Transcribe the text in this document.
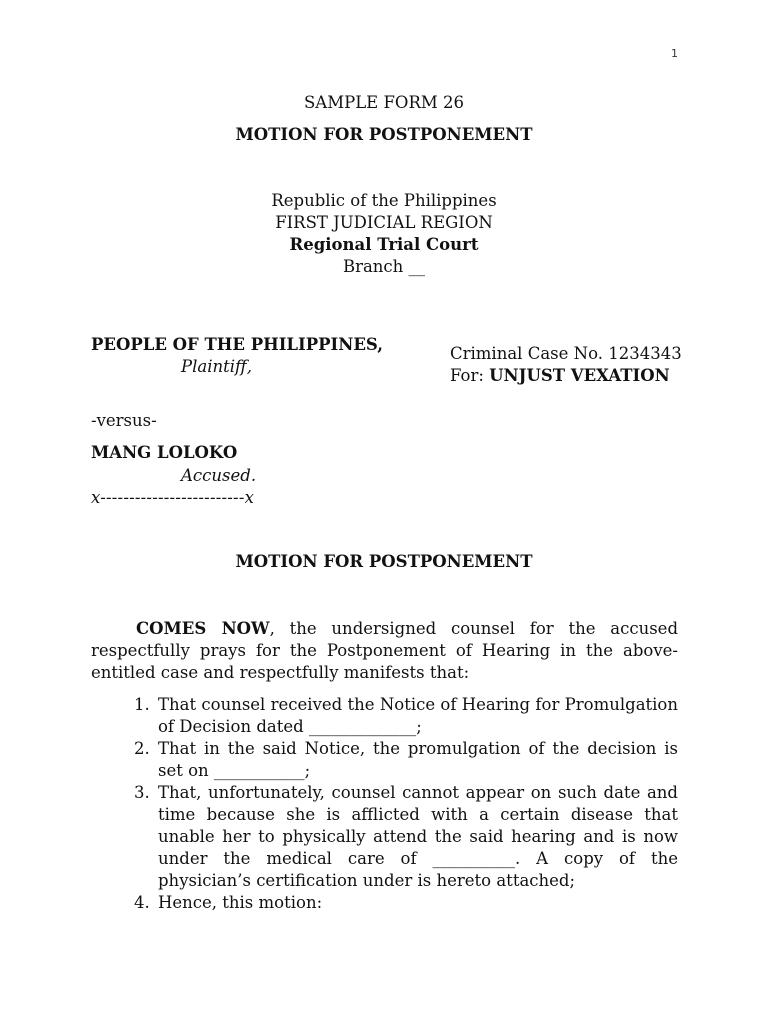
1
SAMPLE FORM 26
MOTION FOR POSTPONEMENT
Republic of the Philippines
FIRST JUDICIAL REGION
Regional Trial Court
Branch __
PEOPLE OF THE PHILIPPINES,
Plaintiff,
Criminal Case No. 1234343
For: UNJUST VEXATION
-versus-
MANG LOLOKO
Accused.
x-------------------------x
MOTION FOR POSTPONEMENT

COMES NOW, the undersigned counsel for the accused respectfully prays for the Postponement of Hearing in the above-entitled case and respectfully manifests that:

1. That counsel received the Notice of Hearing for Promulgation of Decision dated _____________;
2. That in the said Notice, the promulgation of the decision is set on ___________;
3. That, unfortunately, counsel cannot appear on such date and time because she is afflicted with a certain disease that unable her to physically attend the said hearing and is now under the medical care of __________. A copy of the physician’s certification under is hereto attached;
4. Hence, this motion:
